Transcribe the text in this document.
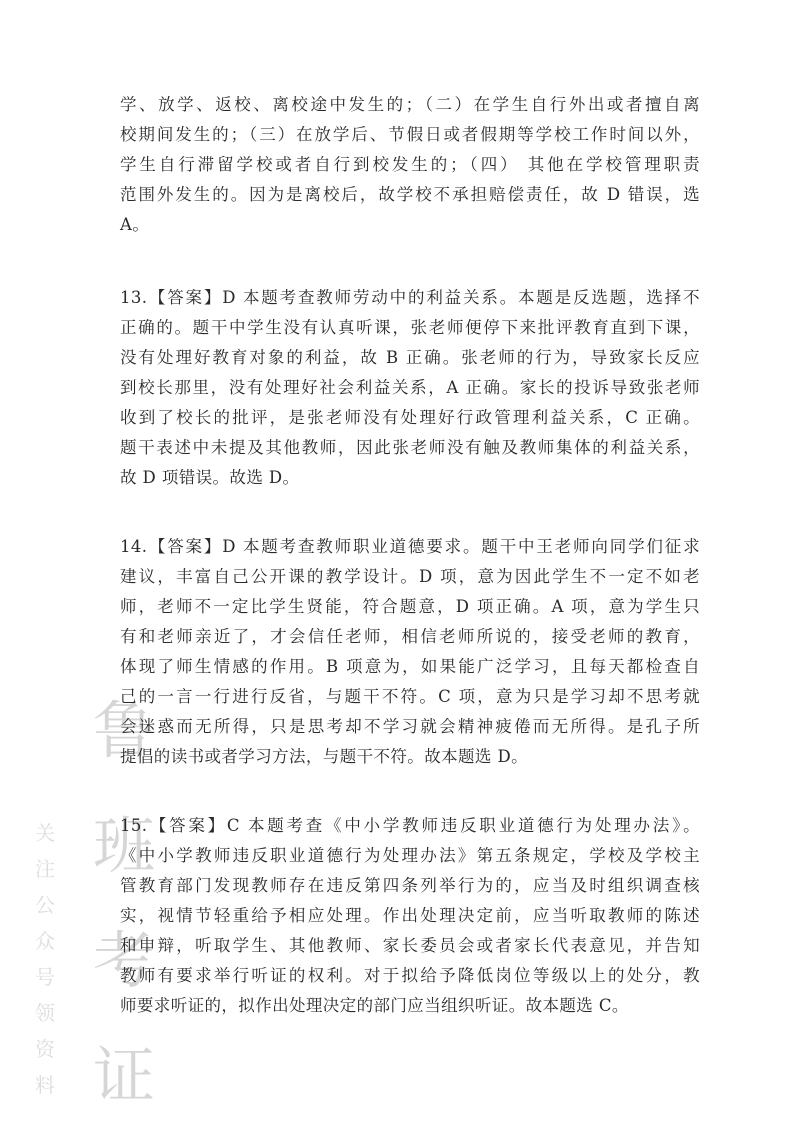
鲁
班
考
证
关
注
公
众
号
领
资
料
学、放学、返校、离校途中发生的；（二）在学生自行外出或者擅自离
校期间发生的；（三）在放学后、节假日或者假期等学校工作时间以外，
学生自行滞留学校或者自行到校发生的；（四） 其他在学校管理职责
范围外发生的。因为是离校后，故学校不承担赔偿责任，故 D 错误，选
A。
13.【答案】D 本题考查教师劳动中的利益关系。本题是反选题，选择不
正确的。题干中学生没有认真听课，张老师便停下来批评教育直到下课，
没有处理好教育对象的利益，故 B 正确。张老师的行为，导致家长反应
到校长那里，没有处理好社会利益关系，A 正确。家长的投诉导致张老师
收到了校长的批评，是张老师没有处理好行政管理利益关系，C 正确。
题干表述中未提及其他教师，因此张老师没有触及教师集体的利益关系，
故 D 项错误。故选 D。
14.【答案】D 本题考查教师职业道德要求。题干中王老师向同学们征求
建议，丰富自己公开课的教学设计。D 项，意为因此学生不一定不如老
师，老师不一定比学生贤能，符合题意，D 项正确。A 项，意为学生只
有和老师亲近了，才会信任老师，相信老师所说的，接受老师的教育，
体现了师生情感的作用。B 项意为，如果能广泛学习，且每天都检查自
己的一言一行进行反省，与题干不符。C 项，意为只是学习却不思考就
会迷惑而无所得，只是思考却不学习就会精神疲倦而无所得。是孔子所
提倡的读书或者学习方法，与题干不符。故本题选 D。
15.【答案】C 本题考查《中小学教师违反职业道德行为处理办法》。
《中小学教师违反职业道德行为处理办法》第五条规定，学校及学校主
管教育部门发现教师存在违反第四条列举行为的，应当及时组织调查核
实，视情节轻重给予相应处理。作出处理决定前，应当听取教师的陈述
和申辩，听取学生、其他教师、家长委员会或者家长代表意见，并告知
教师有要求举行听证的权利。对于拟给予降低岗位等级以上的处分，教
师要求听证的，拟作出处理决定的部门应当组织听证。故本题选 C。
